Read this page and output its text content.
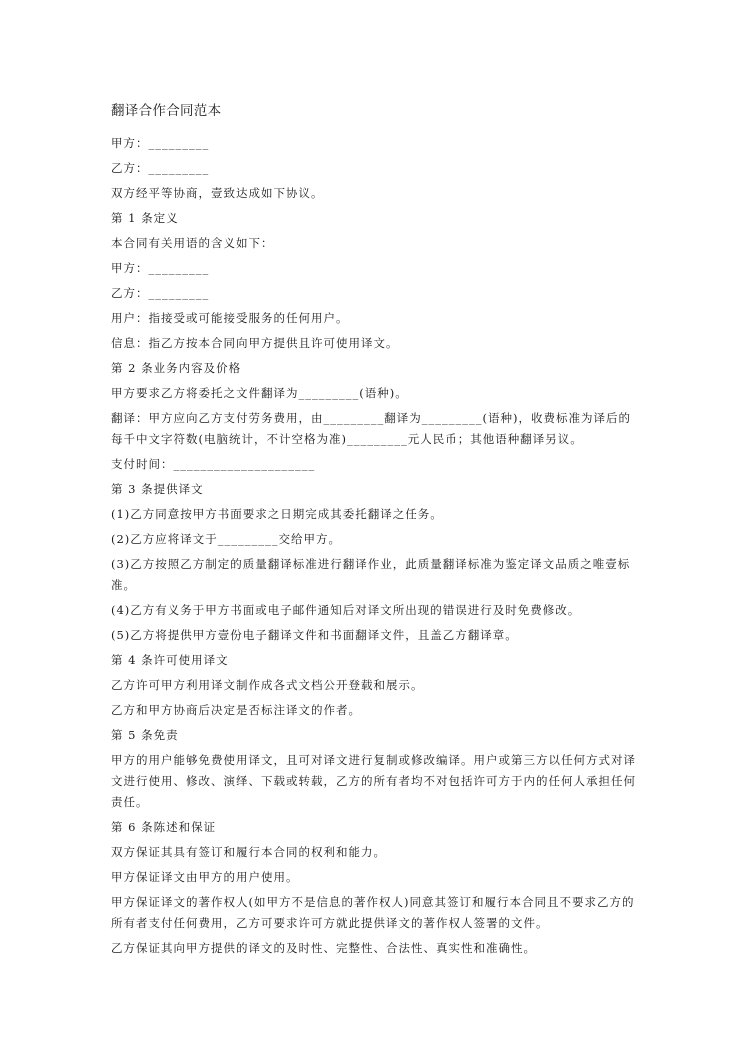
翻译合作合同范本
甲方：_________
乙方：_________
双方经平等协商，壹致达成如下协议。
第 1 条定义
本合同有关用语的含义如下：
甲方：_________
乙方：_________
用户：指接受或可能接受服务的任何用户。
信息：指乙方按本合同向甲方提供且许可使用译文。
第 2 条业务内容及价格
甲方要求乙方将委托之文件翻译为_________(语种)。
翻译：甲方应向乙方支付劳务费用，由_________翻译为_________(语种)，收费标准为译后的每千中文字符数(电脑统计，不计空格为准)_________元人民币；其他语种翻译另议。
支付时间：_____________________
第 3 条提供译文
(1)乙方同意按甲方书面要求之日期完成其委托翻译之任务。
(2)乙方应将译文于_________交给甲方。
(3)乙方按照乙方制定的质量翻译标准进行翻译作业，此质量翻译标准为鉴定译文品质之唯壹标准。
(4)乙方有义务于甲方书面或电子邮件通知后对译文所出现的错误进行及时免费修改。
(5)乙方将提供甲方壹份电子翻译文件和书面翻译文件，且盖乙方翻译章。
第 4 条许可使用译文
乙方许可甲方利用译文制作成各式文档公开登载和展示。
乙方和甲方协商后决定是否标注译文的作者。
第 5 条免责
甲方的用户能够免费使用译文，且可对译文进行复制或修改编译。用户或第三方以任何方式对译文进行使用、修改、演绎、下载或转载，乙方的所有者均不对包括许可方于内的任何人承担任何责任。
第 6 条陈述和保证
双方保证其具有签订和履行本合同的权利和能力。
甲方保证译文由甲方的用户使用。
甲方保证译文的著作权人(如甲方不是信息的著作权人)同意其签订和履行本合同且不要求乙方的所有者支付任何费用，乙方可要求许可方就此提供译文的著作权人签署的文件。
乙方保证其向甲方提供的译文的及时性、完整性、合法性、真实性和准确性。
